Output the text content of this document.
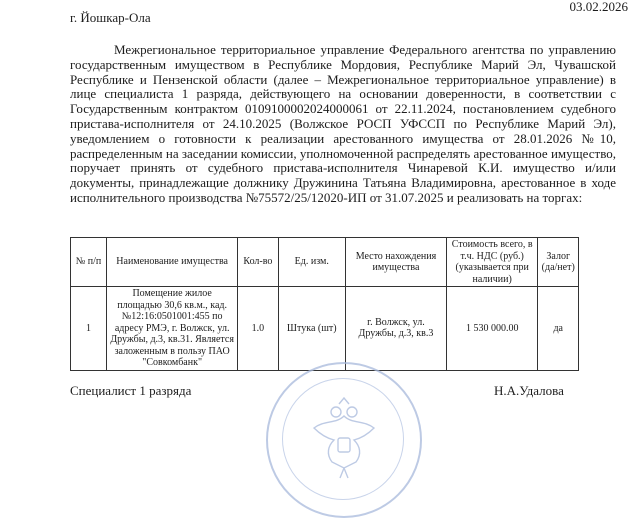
03.02.2026
г. Йошкар-Ола
Межрегиональное территориальное управление Федерального агентства по управлению государственным имуществом в Республике Мордовия, Республике Марий Эл, Чувашской Республике и Пензенской области (далее – Межрегиональное территориальное управление) в лице специалиста 1 разряда, действующего на основании доверенности, в соответствии с Государственным контрактом 0109100002024000061 от 22.11.2024, постановлением судебного пристава-исполнителя от 24.10.2025 (Волжское РОСП УФССП по Республике Марий Эл), уведомлением о готовности к реализации арестованного имущества от 28.01.2026 №10, распределенным на заседании комиссии, уполномоченной распределять арестованное имущество, поручает принять от судебного пристава-исполнителя Чинаревой К.И. имущество и/или документы, принадлежащие должнику Дружинина Татьяна Владимировна, арестованное в ходе исполнительного производства №75572/25/12020-ИП от 31.07.2025 и реализовать на торгах:
№ п/п	Наименование имущества	Кол-во	Ед. изм.	Место нахождения имущества	Стоимость всего, в т.ч. НДС (руб.) (указывается при наличии)	Залог (да/нет)
1	Помещение жилое площадью 30,6 кв.м., кад.№12:16:0501001:455 по адресу РМЭ, г. Волжск, ул. Дружбы, д.3, кв.31. Является заложенным в пользу ПАО "Совкомбанк"	1.0	Штука (шт)	г. Волжск, ул. Дружбы, д.3, кв.3	1 530 000.00	да
Специалист 1 разряда	Н.А.Удалова
